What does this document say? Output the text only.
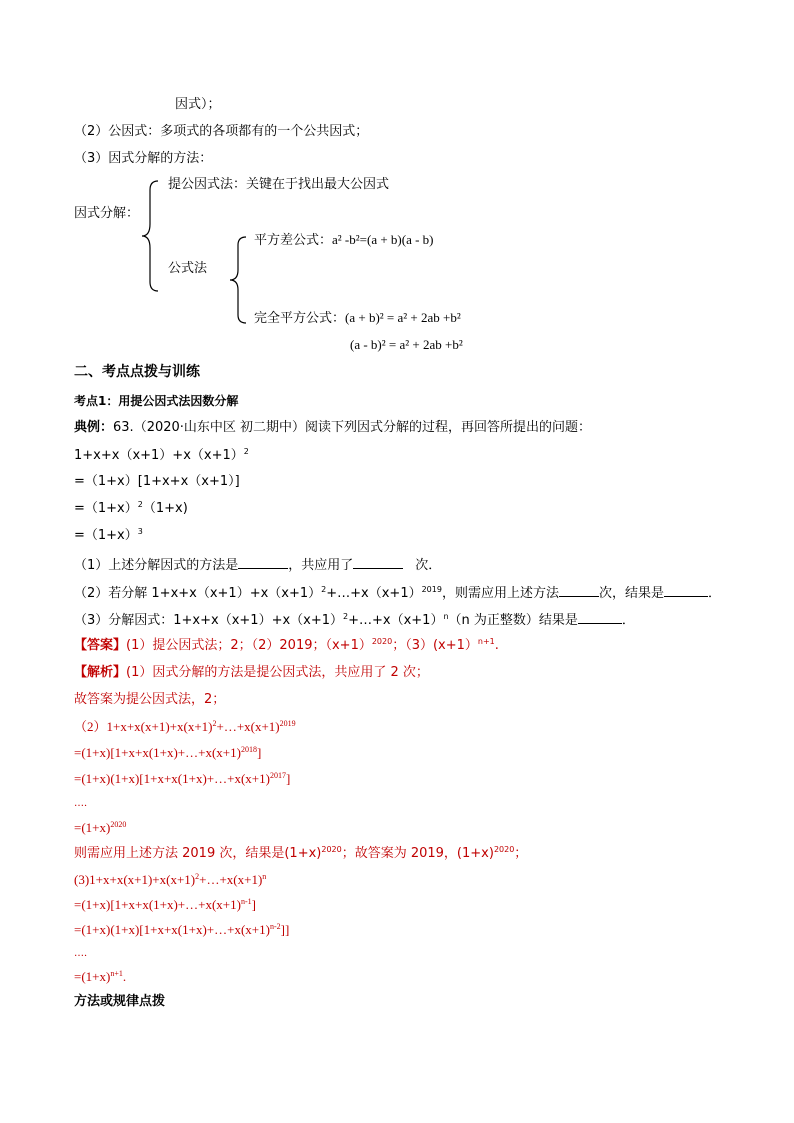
因式）；
（2）公因式：多项式的各项都有的一个公共因式；
（3）因式分解的方法：
因式分解：
提公因式法：关键在于找出最大公因式
公式法
平方差公式：a² -b²=(a + b)(a - b)
完全平方公式：(a + b)² = a² + 2ab +b²
(a - b)² = a² + 2ab +b²
二、考点点拨与训练
考点1：用提公因式法因数分解
典例：63.（2020·山东中区 初二期中）阅读下列因式分解的过程，再回答所提出的问题：
$1+x+x(x+1)+x(x+1)^2$
=（1+x）[1+x+x（x+1）]
$=(1+x)^2(1+x)$
$=(1+x)^3$
（1）上述分解因式的方法是	，共应用了	次．
（2）若分解 $1+x+x(x+1)+x(x+1)^2+\dots+x(x+1)^{2019}$，则需应用上述方法	次，结果是	．
（3）分解因式：$1+x+x(x+1)+x(x+1)^2+\dots+x(x+1)^n(n$ 为正整数）结果是	．
【答案】(1）提公因式法；2；（2）2019；$(x+1)^{2020}$；（3）(x+1）$^{n+1}$.
【解析】(1）因式分解的方法是提公因式法，共应用了 2 次；
故答案为提公因式法，2；
$(2)1+x+x(x+1)+x(x+1)^2+\dots+x(x+1)^{2019}$
$=(1+x)[1+x+x(1+x)+\dots+x(x+1)^{2018}]$
$=(1+x)(1+x)[1+x+x(1+x)+\dots+x(x+1)^{2017}]$
…．
$=(1+x)^{2020}$
则需应用上述方法 2019 次，结果是$(1+x)^{2020}$；故答案为 2019，$(1+x)^{2020}$；
$(3)1+x+x(x+1)+x(x+1)^2+\dots+x(x+1)^n$
$=(1+x)[1+x+x(1+x)+\dots+x(x+1)^{n-1}]$
$=(1+x)(1+x)[1+x+x(1+x)+\dots+x(x+1)^{n-2}]$]
…．
$=(1+x)^{n+1}$.
方法或规律点拨
